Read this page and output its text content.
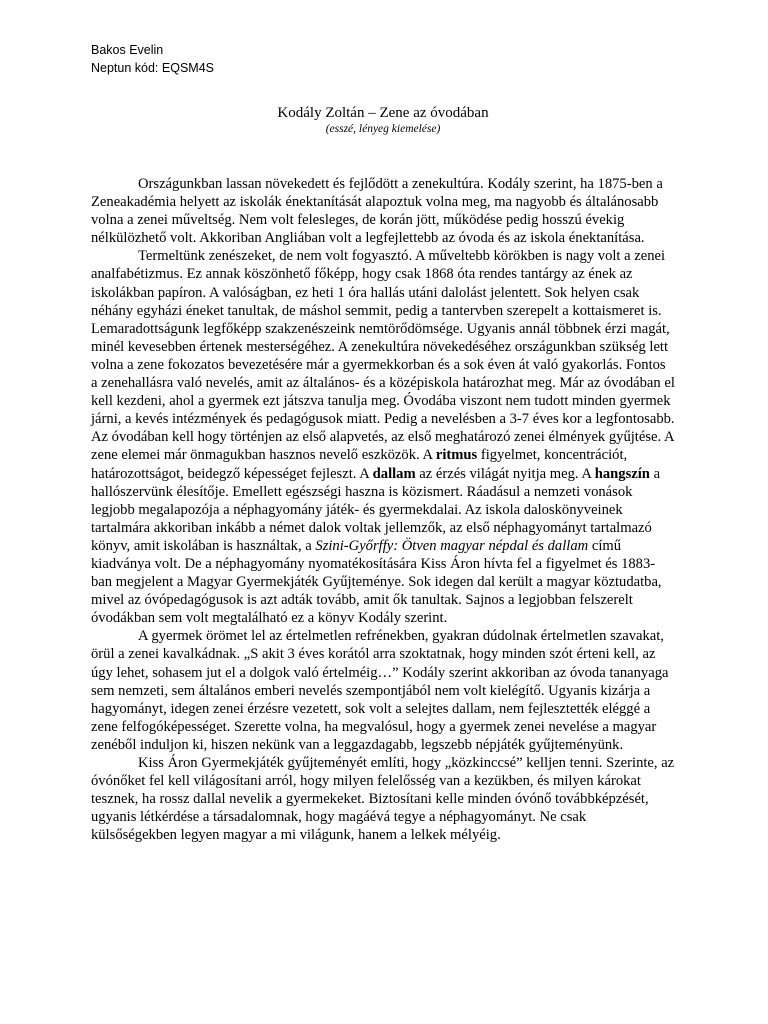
Bakos Evelin
Neptun kód: EQSM4S
Kodály Zoltán – Zene az óvodában
(esszé, lényeg kiemelése)

Országunkban lassan növekedett és fejlődött a zenekultúra. Kodály szerint, ha 1875-ben a Zeneakadémia helyett az iskolák énektanítását alapoztuk volna meg, ma nagyobb és általánosabb volna a zenei műveltség. Nem volt felesleges, de korán jött, működése pedig hosszú évekig nélkülözhető volt. Akkoriban Angliában volt a legfejlettebb az óvoda és az iskola énektanítása.

Termeltünk zenészeket, de nem volt fogyasztó. A műveltebb körökben is nagy volt a zenei analfabétizmus. Ez annak köszönhető főképp, hogy csak 1868 óta rendes tantárgy az ének az iskolákban papíron. A valóságban, ez heti 1 óra hallás utáni dalolást jelentett. Sok helyen csak néhány egyházi éneket tanultak, de máshol semmit, pedig a tantervben szerepelt a kottaismeret is. Lemaradottságunk legfőképp szakzenészeink nemtörődömsége. Ugyanis annál többnek érzi magát, minél kevesebben értenek mesterségéhez. A zenekultúra növekedéséhez országunkban szükség lett volna a zene fokozatos bevezetésére már a gyermekkorban és a sok éven át való gyakorlás. Fontos a zenehallásra való nevelés, amit az általános- és a középiskola határozhat meg. Már az óvodában el kell kezdeni, ahol a gyermek ezt játszva tanulja meg. Óvodába viszont nem tudott minden gyermek járni, a kevés intézmények és pedagógusok miatt. Pedig a nevelésben a 3-7 éves kor a legfontosabb. Az óvodában kell hogy történjen az első alapvetés, az első meghatározó zenei élmények gyűjtése. A zene elemei már önmagukban hasznos nevelő eszközök. A ritmus figyelmet, koncentrációt, határozottságot, beidegző képességet fejleszt. A dallam az érzés világát nyitja meg. A hangszín a hallószervünk élesítője. Emellett egészségi haszna is közismert. Ráadásul a nemzeti vonások legjobb megalapozója a néphagyomány játék- és gyermekdalai. Az iskola daloskönyveinek tartalmára akkoriban inkább a német dalok voltak jellemzők, az első néphagyományt tartalmazó könyv, amit iskolában is használtak, a Szini-Győrffy: Ötven magyar népdal és dallam című kiadványa volt. De a néphagyomány nyomatékosítására Kiss Áron hívta fel a figyelmet és 1883-ban megjelent a Magyar Gyermekjáték Gyűjteménye. Sok idegen dal került a magyar köztudatba, mivel az óvópedagógusok is azt adták tovább, amit ők tanultak. Sajnos a legjobban felszerelt óvodákban sem volt megtalálható ez a könyv Kodály szerint.

A gyermek örömet lel az értelmetlen refrénekben, gyakran dúdolnak értelmetlen szavakat, örül a zenei kavalkádnak. „S akit 3 éves korától arra szoktatnak, hogy minden szót érteni kell, az úgy lehet, sohasem jut el a dolgok való értelméig…” Kodály szerint akkoriban az óvoda tananyaga sem nemzeti, sem általános emberi nevelés szempontjából nem volt kielégítő. Ugyanis kizárja a hagyományt, idegen zenei érzésre vezetett, sok volt a selejtes dallam, nem fejlesztették eléggé a zene felfogóképességet. Szerette volna, ha megvalósul, hogy a gyermek zenei nevelése a magyar zenéből induljon ki, hiszen nekünk van a leggazdagabb, legszebb népjáték gyűjteményünk.

Kiss Áron Gyermekjáték gyűjteményét említi, hogy „közkinccsé” kelljen tenni. Szerinte, az óvónőket fel kell világosítani arról, hogy milyen felelősség van a kezükben, és milyen károkat tesznek, ha rossz dallal nevelik a gyermekeket. Biztosítani kelle minden óvónő továbbképzését, ugyanis létkérdése a társadalomnak, hogy magáévá tegye a néphagyományt. Ne csak külsőségekben legyen magyar a mi világunk, hanem a lelkek mélyéig.
